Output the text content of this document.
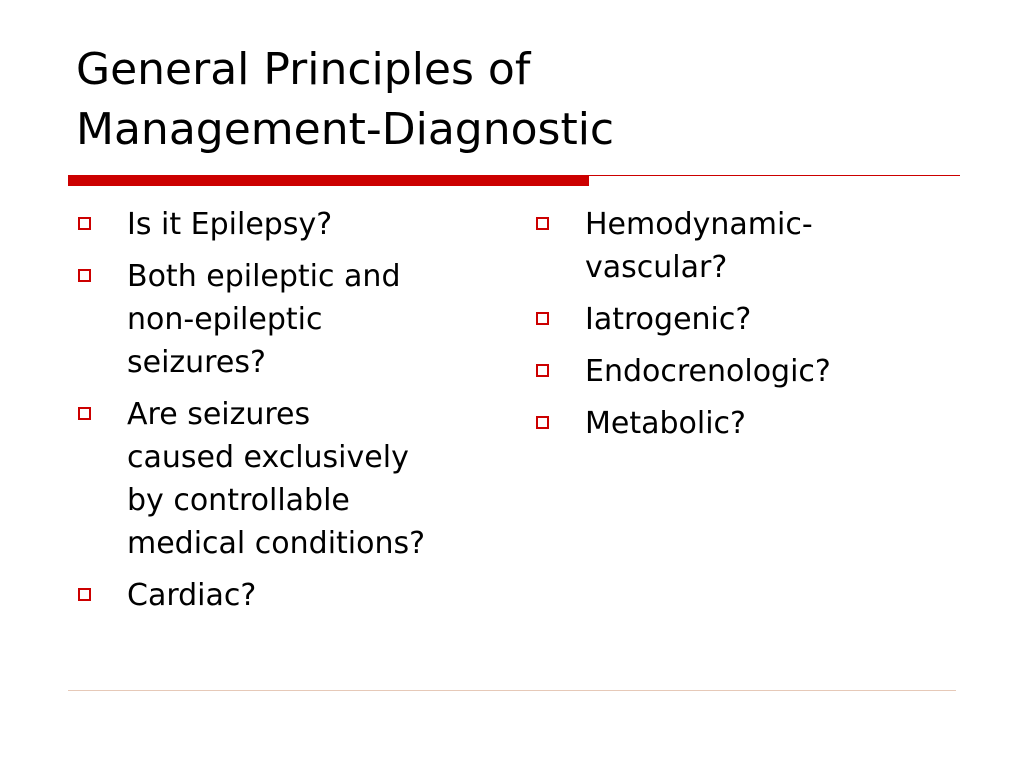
General Principles of
Management-Diagnostic
Is it Epilepsy?
Both epileptic and
non-epileptic
seizures?
Are seizures
caused exclusively
by controllable
medical conditions?
Cardiac?
Hemodynamic-
vascular?
Iatrogenic?
Endocrenologic?
Metabolic?
